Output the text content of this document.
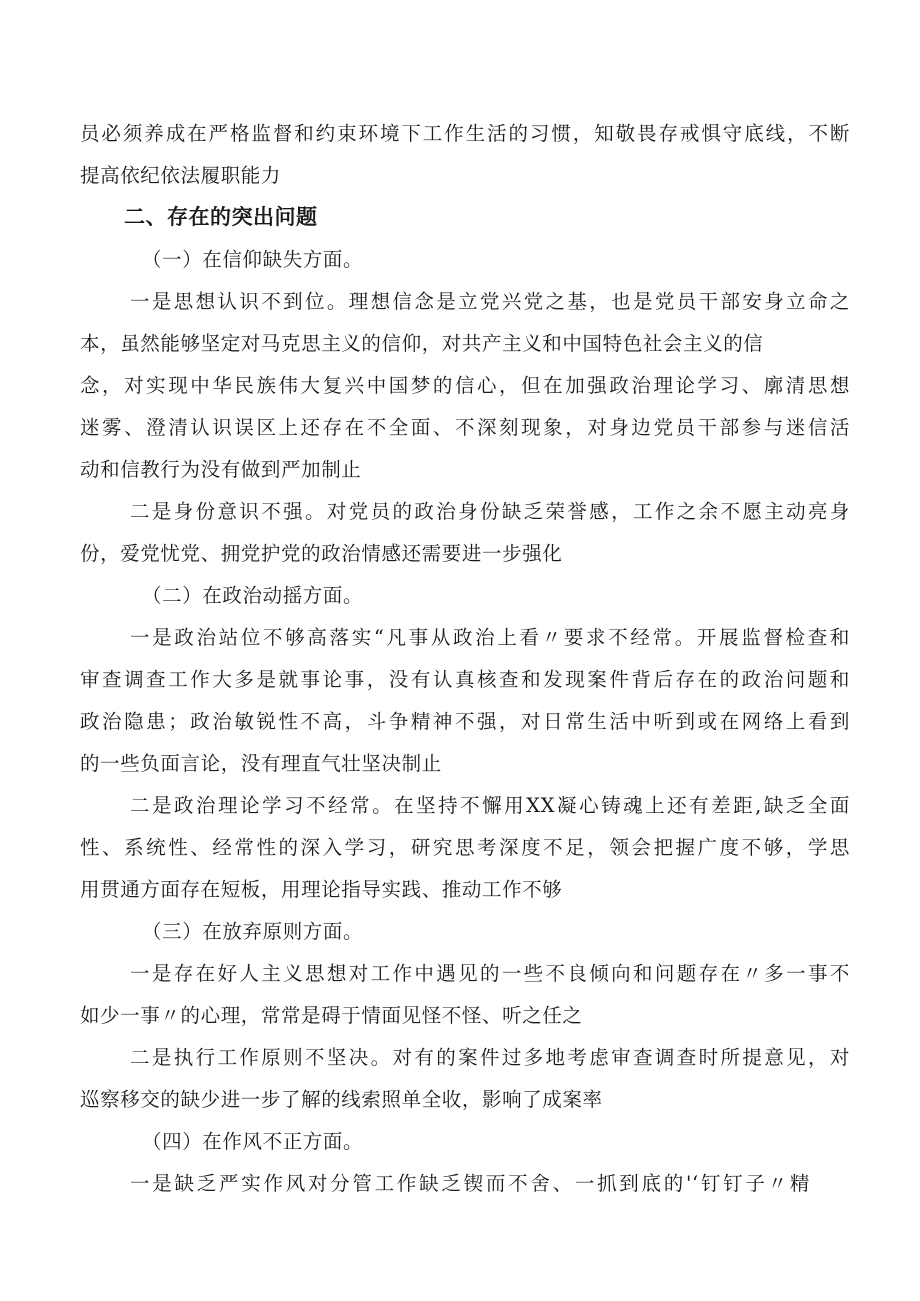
员必须养成在严格监督和约束环境下工作生活的习惯，知敬畏存戒惧守底线，不断
提高依纪依法履职能力
二、存在的突出问题
（一）在信仰缺失方面。
一是思想认识不到位。理想信念是立党兴党之基，也是党员干部安身立命之
本，虽然能够坚定对马克思主义的信仰，对共产主义和中国特色社会主义的信
念，对实现中华民族伟大复兴中国梦的信心，但在加强政治理论学习、廓清思想
迷雾、澄清认识误区上还存在不全面、不深刻现象，对身边党员干部参与迷信活
动和信教行为没有做到严加制止
二是身份意识不强。对党员的政治身份缺乏荣誉感，工作之余不愿主动亮身
份，爱党忧党、拥党护党的政治情感还需要进一步强化
（二）在政治动摇方面。
一是政治站位不够高落实“凡事从政治上看〃要求不经常。开展监督检查和
审查调查工作大多是就事论事，没有认真核查和发现案件背后存在的政治问题和
政治隐患；政治敏锐性不高，斗争精神不强，对日常生活中听到或在网络上看到
的一些负面言论，没有理直气壮坚决制止
二是政治理论学习不经常。在坚持不懈用XX凝心铸魂上还有差距,缺乏全面
性、系统性、经常性的深入学习，研究思考深度不足，领会把握广度不够，学思
用贯通方面存在短板，用理论指导实践、推动工作不够
（三）在放弃原则方面。
一是存在好人主义思想对工作中遇见的一些不良倾向和问题存在〃多一事不
如少一事〃的心理，常常是碍于情面见怪不怪、听之任之
二是执行工作原则不坚决。对有的案件过多地考虑审查调查时所提意见，对
巡察移交的缺少进一步了解的线索照单全收，影响了成案率
（四）在作风不正方面。
一是缺乏严实作风对分管工作缺乏锲而不舍、一抓到底的'‘钉钉子〃精
